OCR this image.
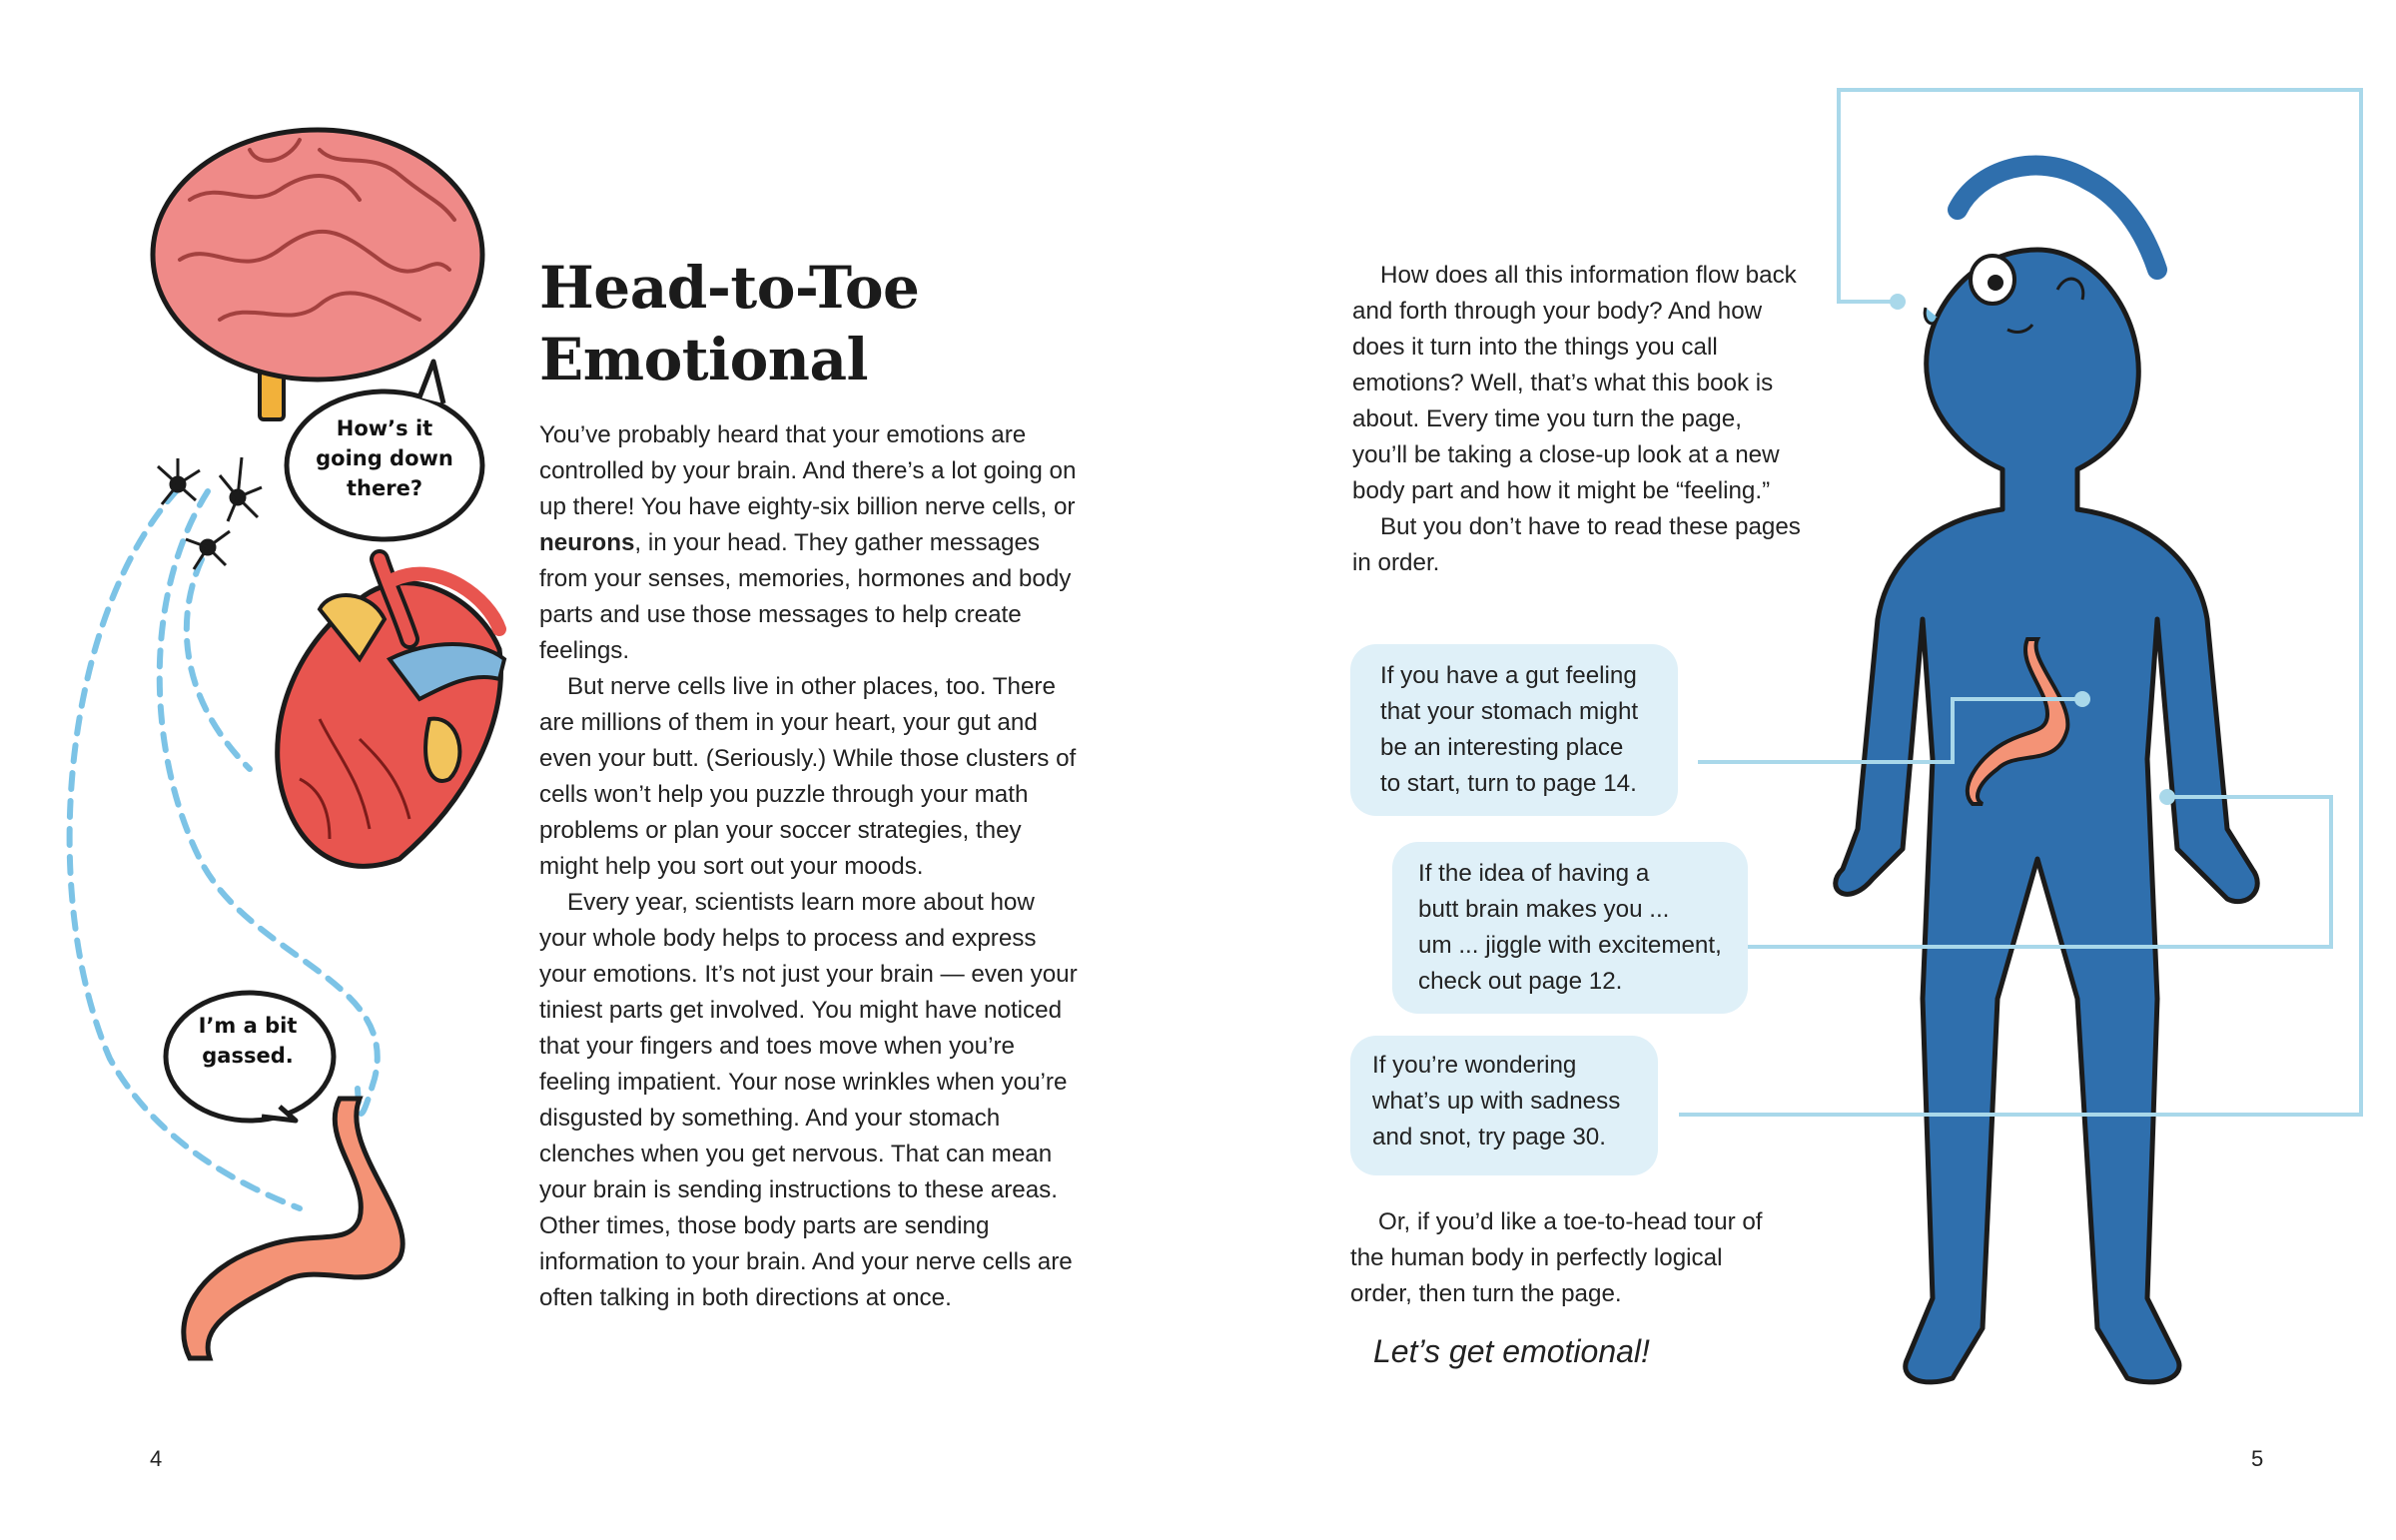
How’s it
going down
there?
I’m a bit
gassed.
Head-to-Toe
Emotional

You’ve probably heard that your emotions are controlled by your brain. And there’s a lot going on up there! You have eighty-six billion nerve cells, or neurons, in your head. They gather messages from your senses, memories, hormones and body parts and use those messages to help create feelings.

But nerve cells live in other places, too. There are millions of them in your heart, your gut and even your butt. (Seriously.) While those clusters of cells won’t help you puzzle through your math problems or plan your soccer strategies, they might help you sort out your moods.

Every year, scientists learn more about how your whole body helps to process and express your emotions. It’s not just your brain — even your tiniest parts get involved. You might have noticed that your fingers and toes move when you’re feeling impatient. Your nose wrinkles when you’re disgusted by something. And your stomach clenches when you get nervous. That can mean your brain is sending instructions to these areas. Other times, those body parts are sending information to your brain. And your nerve cells are often talking in both directions at once.

4

How does all this information flow back and forth through your body? And how does it turn into the things you call emotions? Well, that’s what this book is about. Every time you turn the page, you’ll be taking a close-up look at a new body part and how it might be “feeling.”

But you don’t have to read these pages in order.

If you have a gut feeling
that your stomach might
be an interesting place
to start, turn to page 14.
If the idea of having a
butt brain makes you ...
um ... jiggle with excitement,
check out page 12.
If you’re wondering
what’s up with sadness
and snot, try page 30.

Or, if you’d like a toe-to-head tour of the human body in perfectly logical order, then turn the page.

Let’s get emotional!
5
